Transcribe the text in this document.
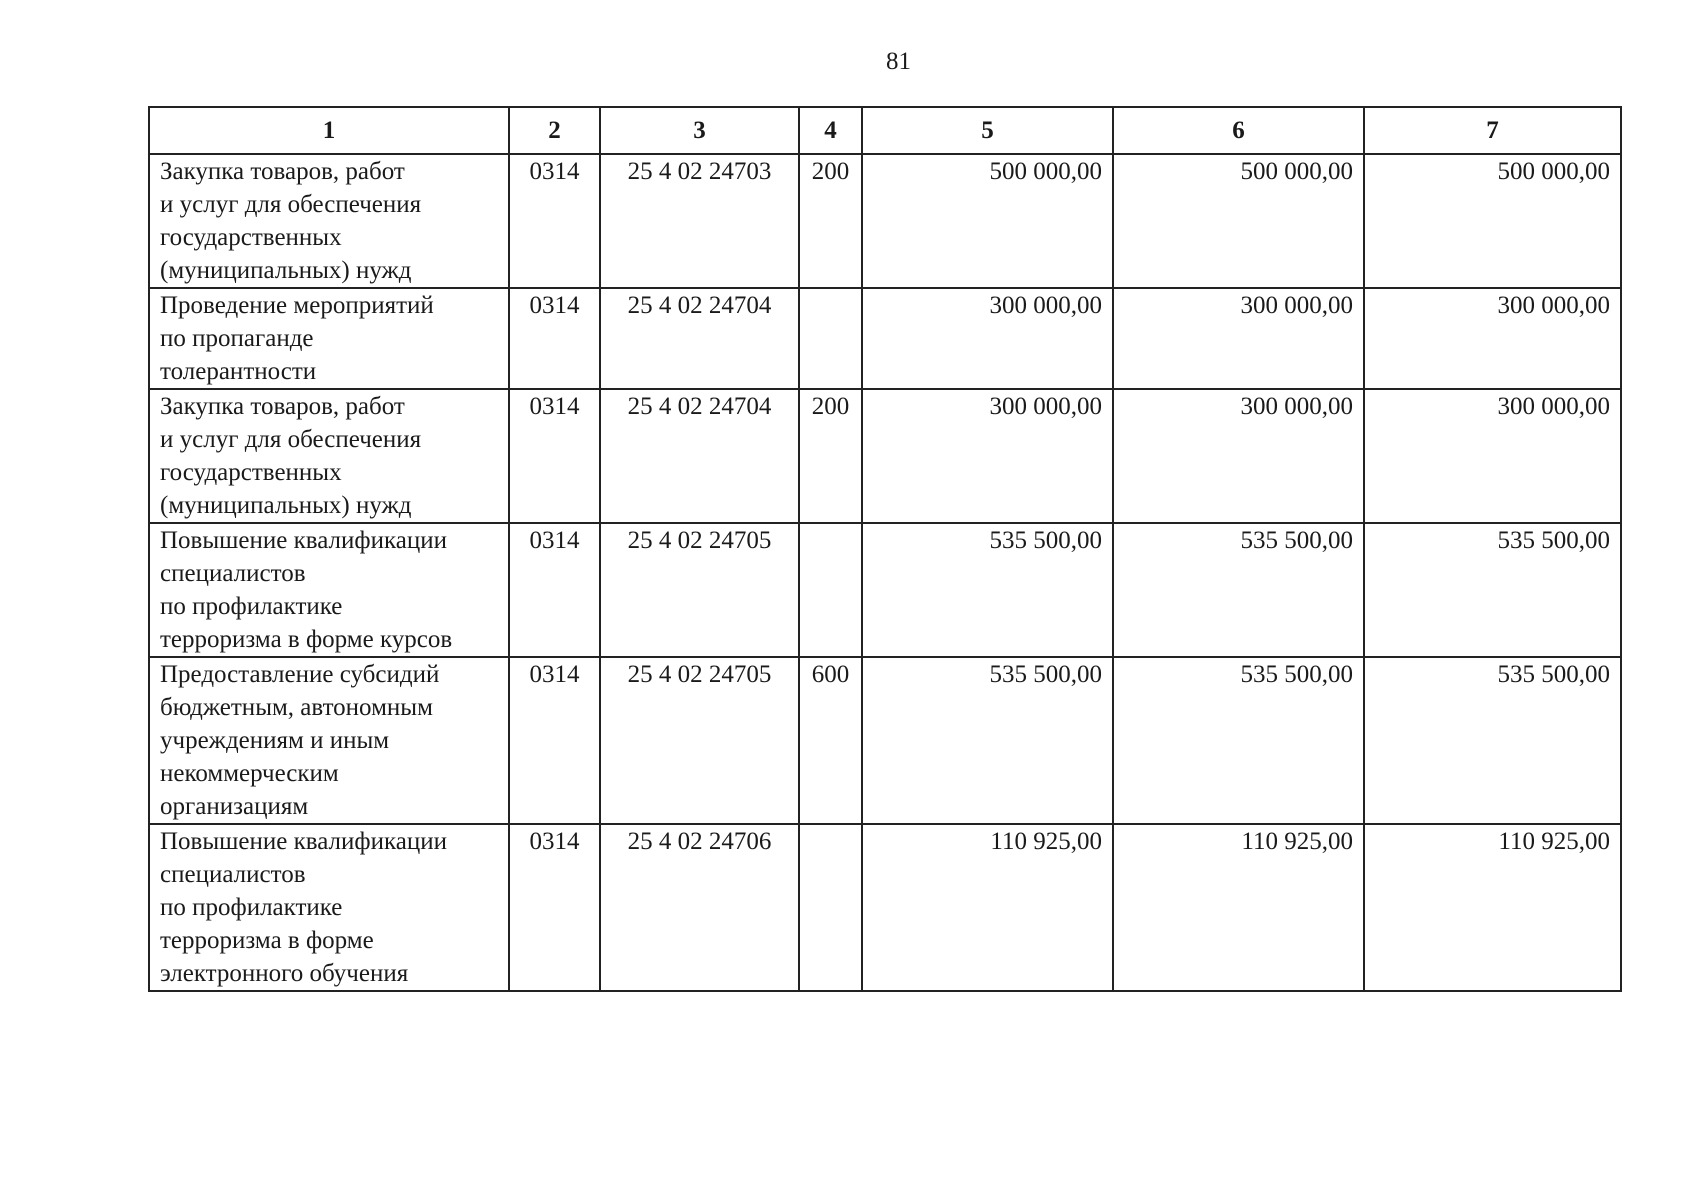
81
1	2	3	4	5	6	7
Закупка товаров, работ
и услуг для обеспечения
государственных
(муниципальных) нужд	0314	25 4 02 24703	200	500 000,00	500 000,00	500 000,00
Проведение мероприятий
по пропаганде
толерантности	0314	25 4 02 24704		300 000,00	300 000,00	300 000,00
Закупка товаров, работ
и услуг для обеспечения
государственных
(муниципальных) нужд	0314	25 4 02 24704	200	300 000,00	300 000,00	300 000,00
Повышение квалификации
специалистов
по профилактике
терроризма в форме курсов	0314	25 4 02 24705		535 500,00	535 500,00	535 500,00
Предоставление субсидий
бюджетным, автономным
учреждениям и иным
некоммерческим
организациям	0314	25 4 02 24705	600	535 500,00	535 500,00	535 500,00
Повышение квалификации
специалистов
по профилактике
терроризма в форме
электронного обучения	0314	25 4 02 24706		110 925,00	110 925,00	110 925,00
